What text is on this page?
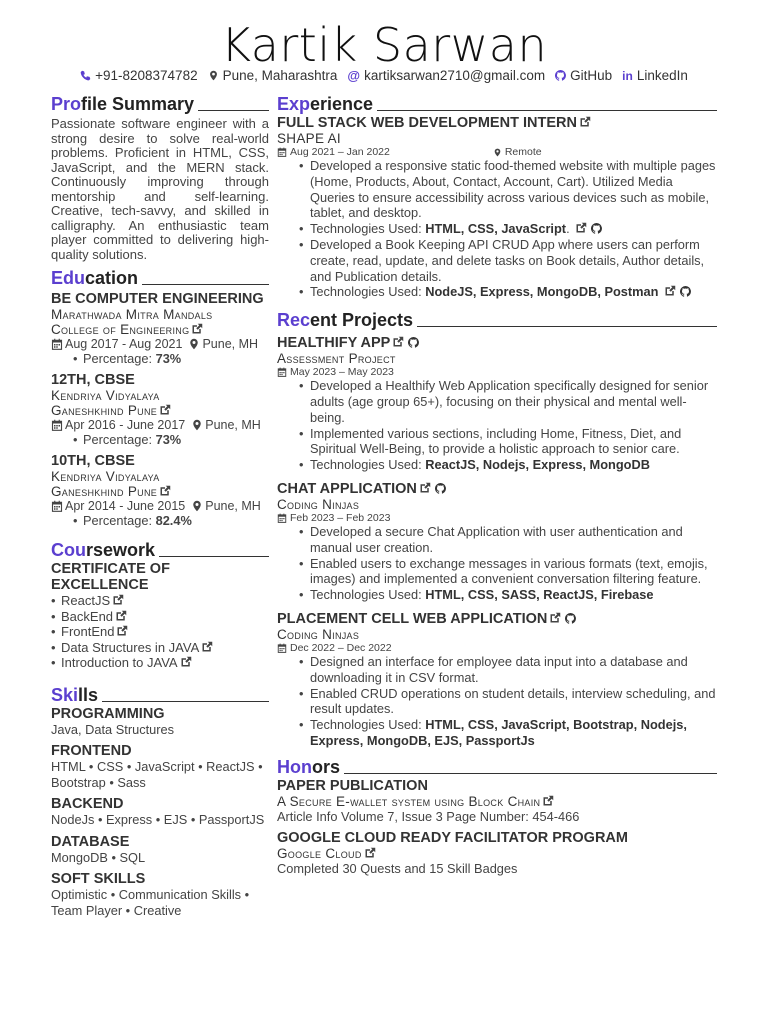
Kartik Sarwan
+91-8208374782 Pune, Maharashtra @ kartiksarwan2710@gmail.com GitHub in LinkedIn
Pro file Summary

Passionate software engineer with a strong desire to solve real-world problems. Proficient in HTML, CSS, JavaScript, and the MERN stack. Continuously improving through mentorship and self-learning. Creative, tech-savvy, and skilled in calligraphy. An enthusiastic team player committed to delivering high-quality solutions.

Edu cation
BE COMPUTER ENGINEERING
Marathwada Mitra Mandals
College of Engineering
Aug 2017 - Aug 2021 Pune, MH
• Percentage: 73%
12TH, CBSE
Kendriya Vidyalaya
Ganeshkhind Pune
Apr 2016 - June 2017 Pune, MH
• Percentage: 73%
10TH, CBSE
Kendriya Vidyalaya
Ganeshkhind Pune
Apr 2014 - June 2015 Pune, MH
• Percentage: 82.4%
Cou rsework
CERTIFICATE OF EXCELLENCE
• ReactJS
• BackEnd
• FrontEnd
• Data Structures in JAVA
• Introduction to JAVA
Ski lls
PROGRAMMING
Java, Data Structures
FRONTEND
HTML • CSS • JavaScript • ReactJS • Bootstrap • Sass
BACKEND
NodeJs • Express • EJS • PassportJS
DATABASE
MongoDB • SQL
SOFT SKILLS
Optimistic • Communication Skills • Team Player • Creative
Exp erience
FULL STACK WEB DEVELOPMENT INTERN
SHAPE AI
Aug 2021 – Jan 2022	Remote
• Developed a responsive static food-themed website with multiple pages (Home, Products, About, Contact, Account, Cart). Utilized Media Queries to ensure accessibility across various devices such as mobile, tablet, and desktop.
• Technologies Used: HTML, CSS, JavaScript.
• Developed a Book Keeping API CRUD App where users can perform create, read, update, and delete tasks on Book details, Author details, and Publication details.
• Technologies Used: NodeJS, Express, MongoDB, Postman
Rec ent Projects
HEALTHIFY APP
Assessment Project
May 2023 – May 2023
• Developed a Healthify Web Application specifically designed for senior adults (age group 65+), focusing on their physical and mental well-being.
• Implemented various sections, including Home, Fitness, Diet, and Spiritual Well-Being, to provide a holistic approach to senior care.
• Technologies Used: ReactJS, Nodejs, Express, MongoDB
CHAT APPLICATION
Coding Ninjas
Feb 2023 – Feb 2023
• Developed a secure Chat Application with user authentication and manual user creation.
• Enabled users to exchange messages in various formats (text, emojis, images) and implemented a convenient conversation filtering feature.
• Technologies Used: HTML, CSS, SASS, ReactJS, Firebase
PLACEMENT CELL WEB APPLICATION
Coding Ninjas
Dec 2022 – Dec 2022
• Designed an interface for employee data input into a database and downloading it in CSV format.
• Enabled CRUD operations on student details, interview scheduling, and result updates.
• Technologies Used: HTML, CSS, JavaScript, Bootstrap, Nodejs, Express, MongoDB, EJS, PassportJs
Hon ors
PAPER PUBLICATION
A Secure E-wallet system using Block Chain
Article Info Volume 7, Issue 3 Page Number: 454-466
GOOGLE CLOUD READY FACILITATOR PROGRAM
Google Cloud
Completed 30 Quests and 15 Skill Badges
